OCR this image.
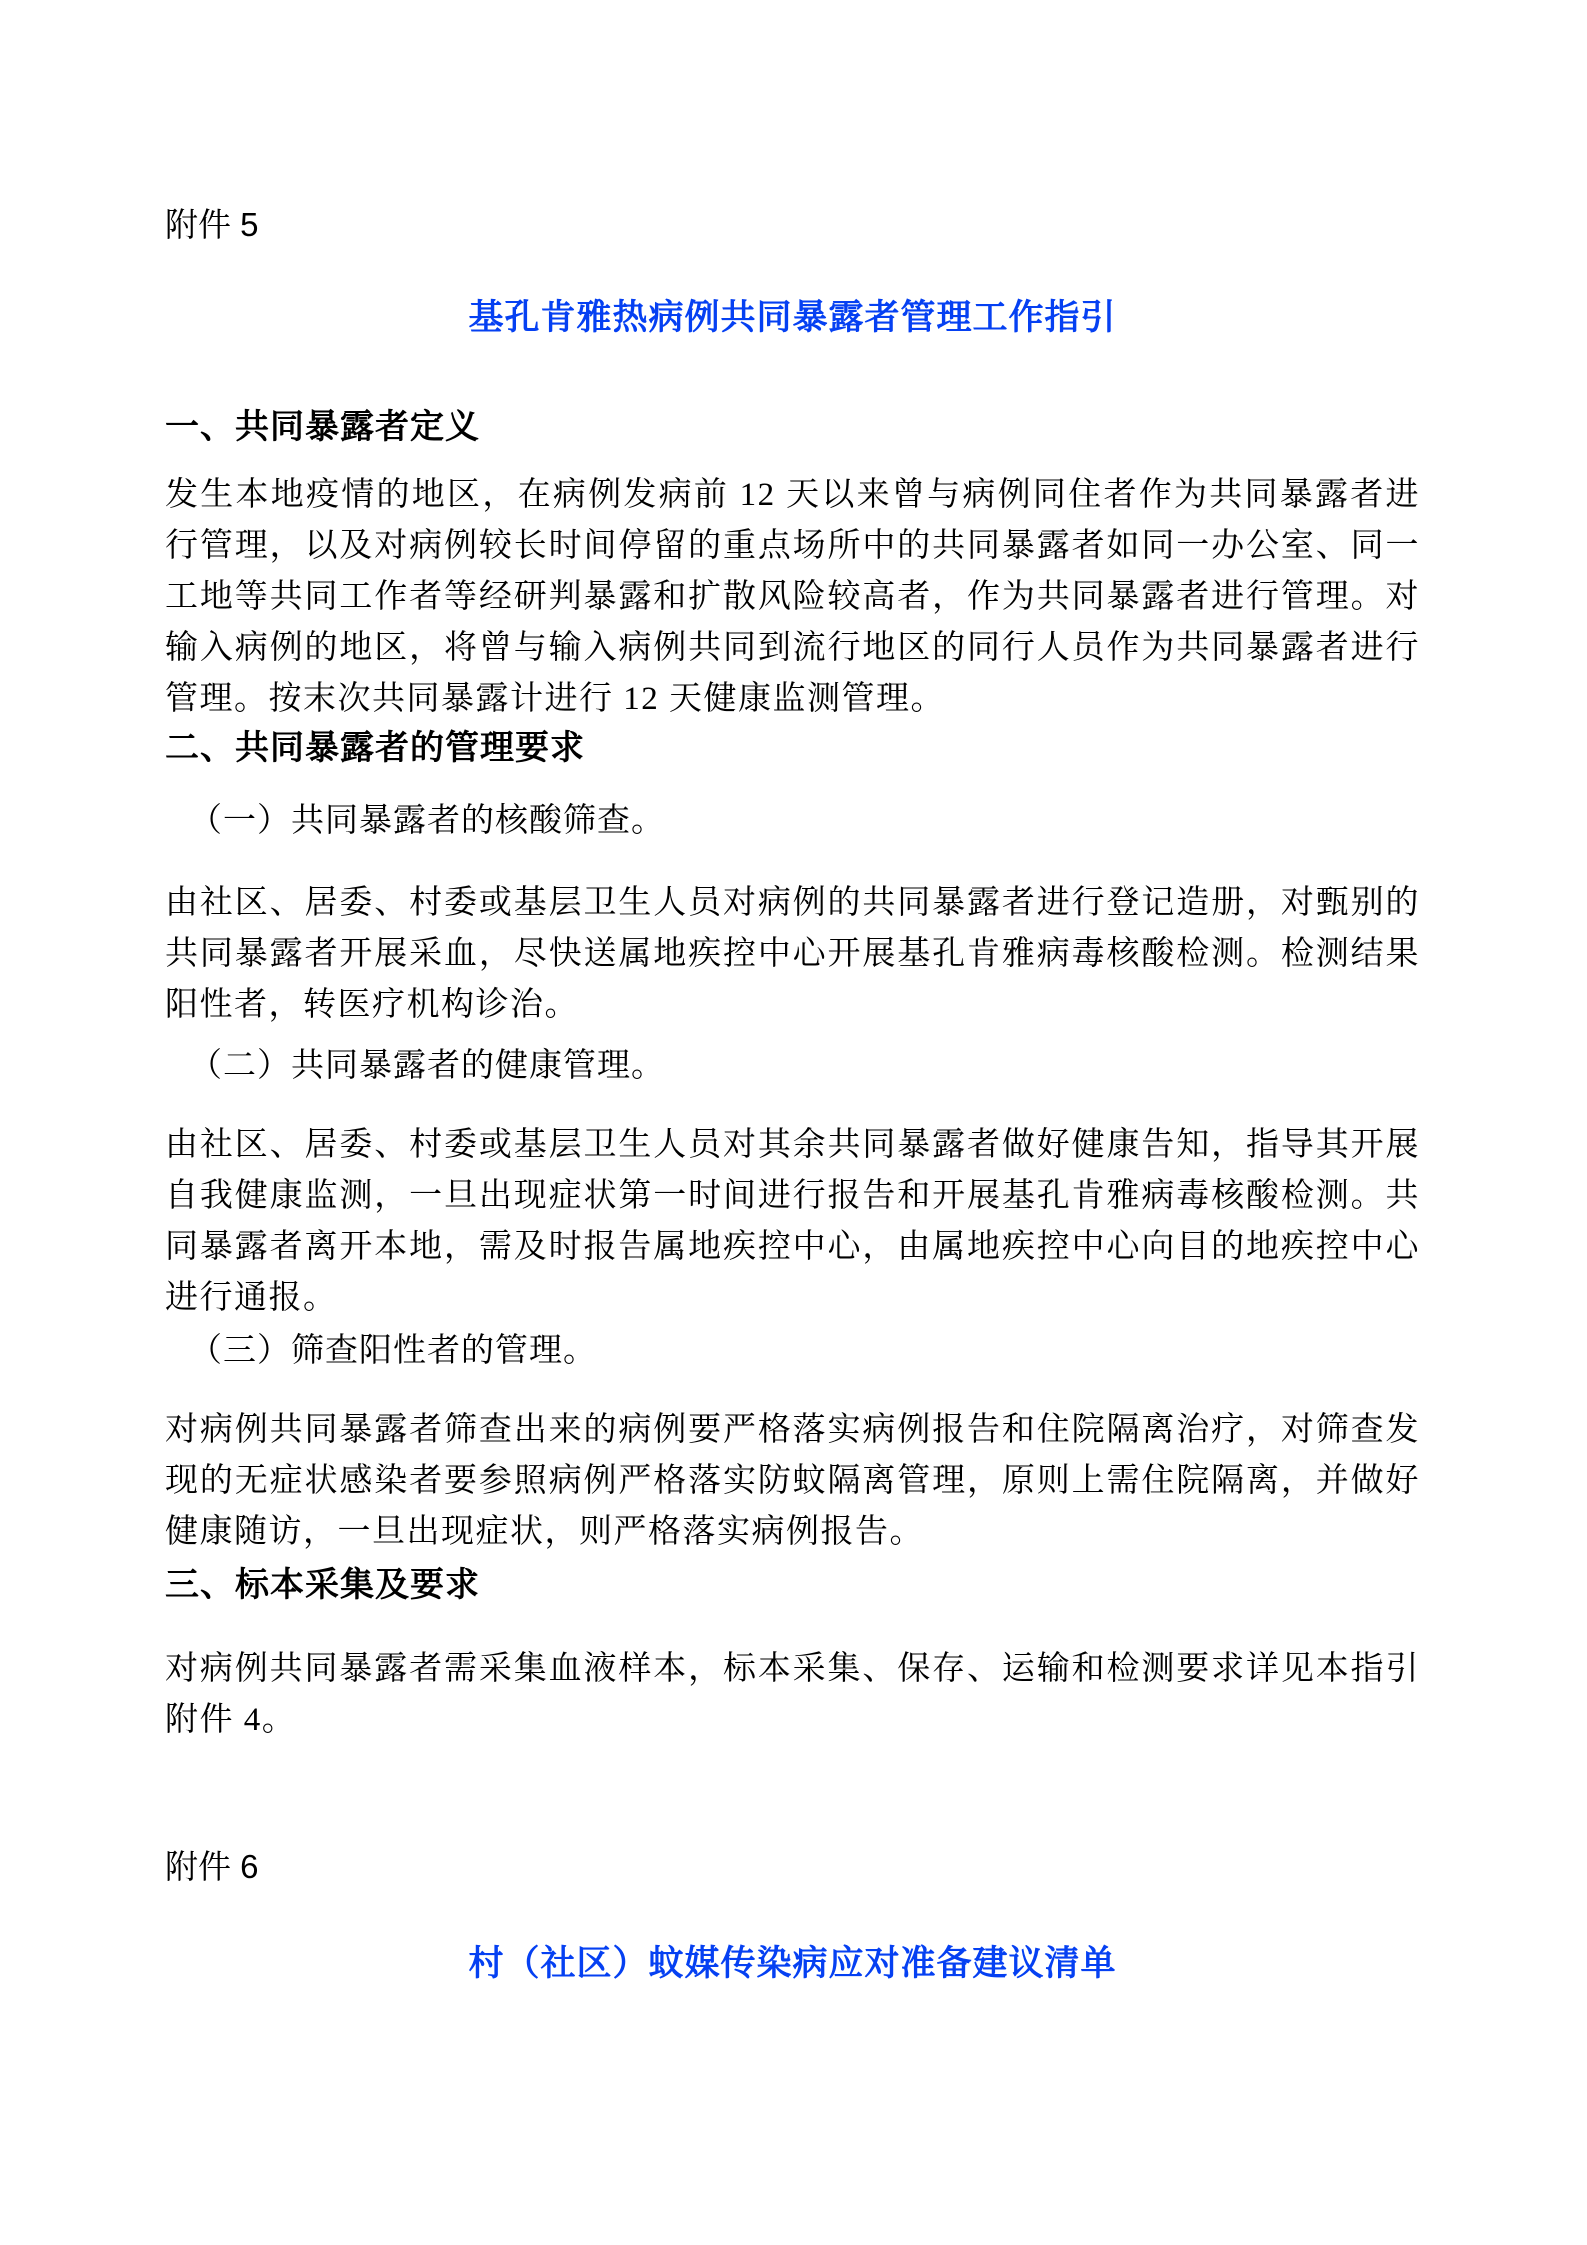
附件 5
基孔肯雅热病例共同暴露者管理工作指引
一、共同暴露者定义

发生本地疫情的地区，在病例发病前 12 天以来曾与病例同住者作为共同暴露者进行管理，以及对病例较长时间停留的重点场所中的共同暴露者如同一办公室、同一工地等共同工作者等经研判暴露和扩散风险较高者，作为共同暴露者进行管理。对输入病例的地区，将曾与输入病例共同到流行地区的同行人员作为共同暴露者进行管理。按末次共同暴露计进行 12 天健康监测管理。

二、共同暴露者的管理要求
（一）共同暴露者的核酸筛查。

由社区、居委、村委或基层卫生人员对病例的共同暴露者进行登记造册，对甄别的共同暴露者开展采血，尽快送属地疾控中心开展基孔肯雅病毒核酸检测。检测结果阳性者，转医疗机构诊治。

（二）共同暴露者的健康管理。

由社区、居委、村委或基层卫生人员对其余共同暴露者做好健康告知，指导其开展自我健康监测，一旦出现症状第一时间进行报告和开展基孔肯雅病毒核酸检测。共同暴露者离开本地，需及时报告属地疾控中心，由属地疾控中心向目的地疾控中心进行通报。

（三）筛查阳性者的管理。

对病例共同暴露者筛查出来的病例要严格落实病例报告和住院隔离治疗，对筛查发现的无症状感染者要参照病例严格落实防蚊隔离管理，原则上需住院隔离，并做好健康随访，一旦出现症状，则严格落实病例报告。

三、标本采集及要求

对病例共同暴露者需采集血液样本，标本采集、保存、运输和检测要求详见本指引附件 4。

附件 6
村（社区）蚊媒传染病应对准备建议清单
